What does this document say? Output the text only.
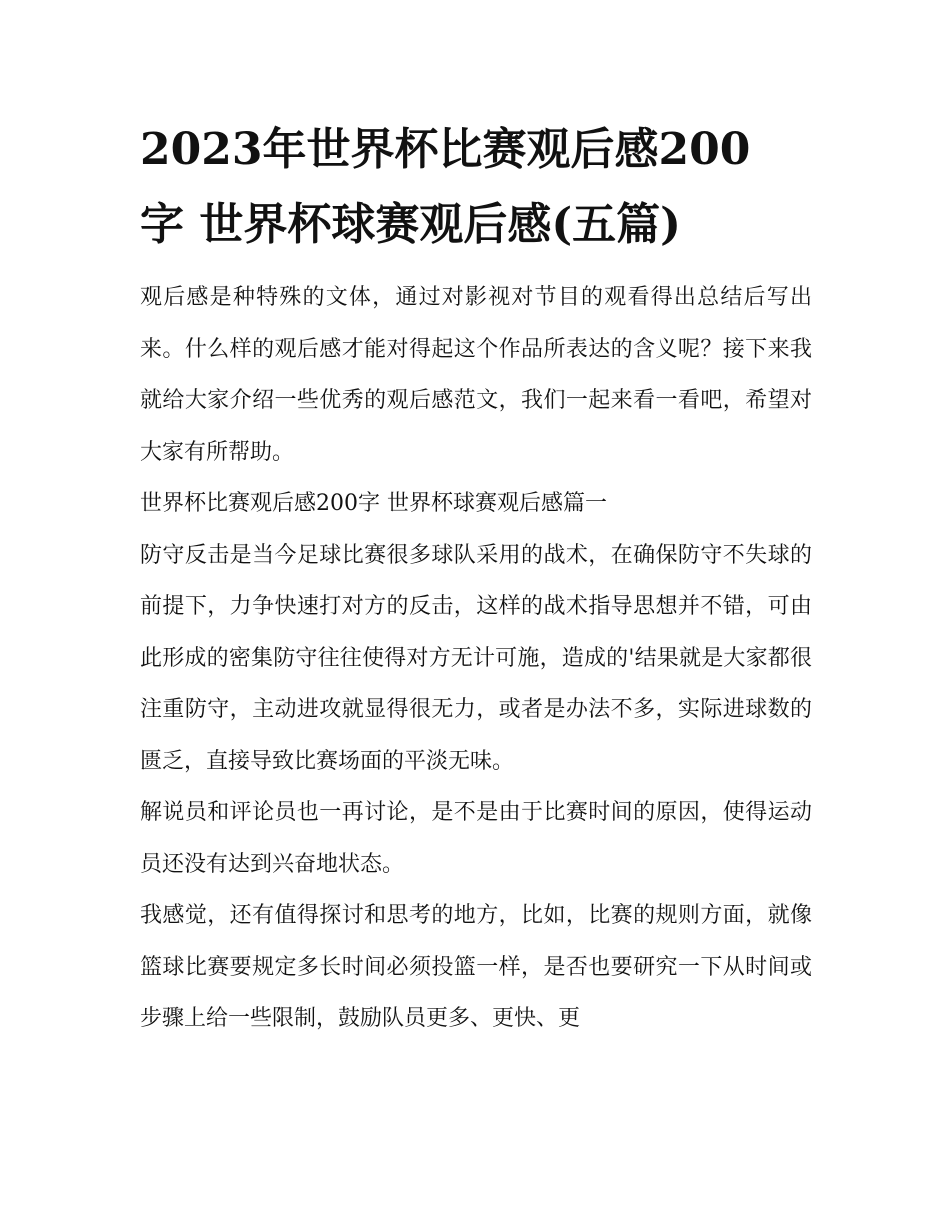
2023年世界杯比赛观后感200
字 世界杯球赛观后感(五篇)

观后感是种特殊的文体，通过对影视对节目的观看得出总结后写出来。什么样的观后感才能对得起这个作品所表达的含义呢？接下来我就给大家介绍一些优秀的观后感范文，我们一起来看一看吧，希望对大家有所帮助。

世界杯比赛观后感200字 世界杯球赛观后感篇一

防守反击是当今足球比赛很多球队采用的战术，在确保防守不失球的前提下，力争快速打对方的反击，这样的战术指导思想并不错，可由此形成的密集防守往往使得对方无计可施，造成的'结果就是大家都很注重防守，主动进攻就显得很无力，或者是办法不多，实际进球数的匮乏，直接导致比赛场面的平淡无味。

解说员和评论员也一再讨论，是不是由于比赛时间的原因，使得运动员还没有达到兴奋地状态。

我感觉，还有值得探讨和思考的地方，比如，比赛的规则方面，就像篮球比赛要规定多长时间必须投篮一样，是否也要研究一下从时间或步骤上给一些限制，鼓励队员更多、更快、更
